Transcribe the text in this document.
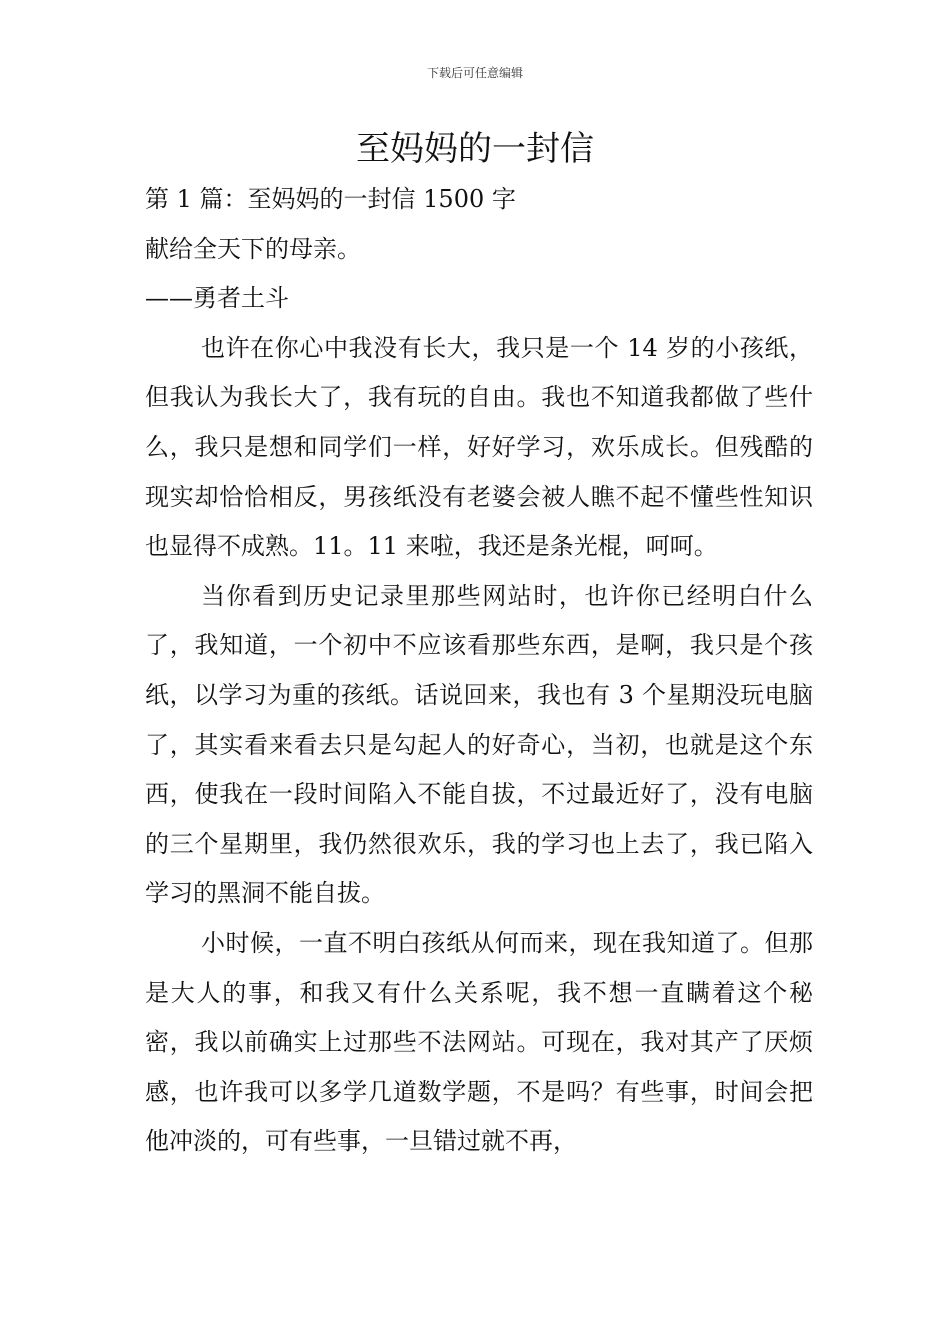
下载后可任意编辑
至妈妈的一封信

第 1 篇：至妈妈的一封信 1500 字

献给全天下的母亲。

——勇者土斗

也许在你心中我没有长大，我只是一个 14 岁的小孩纸，但我认为我长大了，我有玩的自由。我也不知道我都做了些什么，我只是想和同学们一样，好好学习，欢乐成长。但残酷的现实却恰恰相反，男孩纸没有老婆会被人瞧不起不懂些性知识也显得不成熟。11。11 来啦，我还是条光棍，呵呵。

当你看到历史记录里那些网站时，也许你已经明白什么了，我知道，一个初中不应该看那些东西，是啊，我只是个孩纸，以学习为重的孩纸。话说回来，我也有 3 个星期没玩电脑了，其实看来看去只是勾起人的好奇心，当初，也就是这个东西，使我在一段时间陷入不能自拔，不过最近好了，没有电脑的三个星期里，我仍然很欢乐，我的学习也上去了，我已陷入学习的黑洞不能自拔。

小时候，一直不明白孩纸从何而来，现在我知道了。但那是大人的事，和我又有什么关系呢，我不想一直瞒着这个秘密，我以前确实上过那些不法网站。可现在，我对其产了厌烦感，也许我可以多学几道数学题，不是吗？有些事，时间会把他冲淡的，可有些事，一旦错过就不再，
